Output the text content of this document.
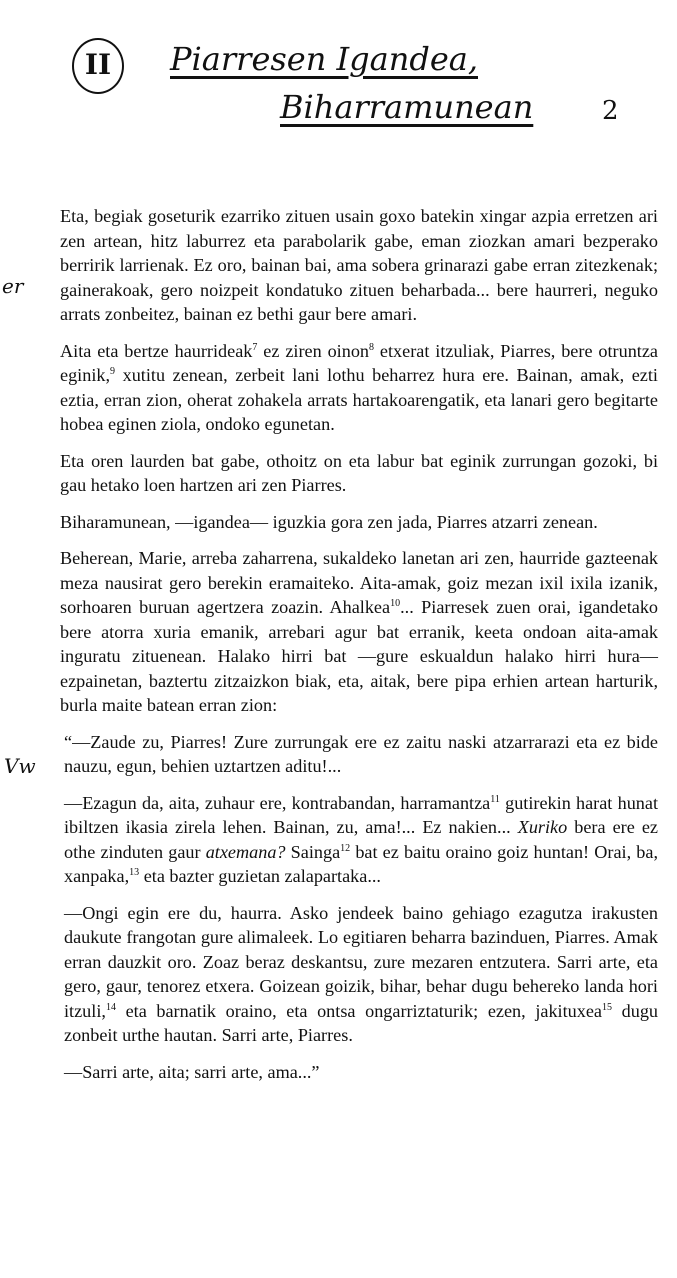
II	Piarresen Igandea,
Biharramunean	2
er
Vw

Eta, begiak goseturik ezarriko zituen usain goxo batekin xingar azpia erretzen ari zen artean, hitz laburrez eta parabolarik gabe, eman ziozkan amari bezperako berririk larrienak. Ez oro, bainan bai, ama sobera grinarazi gabe erran zitezkenak; gainerakoak, gero noizpeit kondatuko zituen beharbada... bere haurreri, neguko arrats zonbeitez, bainan ez bethi gaur bere amari.

Aita eta bertze haurrideak$^7$ ez ziren oinon$^8$ etxerat itzuliak, Piarres, bere otruntza eginik,$^9$ xutitu zenean, zerbeit lani lothu beharrez hura ere. Bainan, amak, ezti eztia, erran zion, oherat zohakela arrats hartakoarengatik, eta lanari gero begitarte hobea eginen ziola, ondoko egunetan.

Eta oren laurden bat gabe, othoitz on eta labur bat eginik zurrungan gozoki, bi gau hetako loen hartzen ari zen Piarres.

Biharamunean, —igandea— iguzkia gora zen jada, Piarres atzarri zenean.

Beherean, Marie, arreba zaharrena, sukaldeko lanetan ari zen, haurride gazteenak meza nausirat gero berekin eramaiteko. Aita-amak, goiz mezan ixil ixila izanik, sorhoaren buruan agertzera zoazin. Ahalkea$^{10}$... Piarresek zuen orai, igandetako bere atorra xuria emanik, arrebari agur bat erranik, keeta ondoan aita-amak inguratu zituenean. Halako hirri bat —gure eskualdun halako hirri hura— ezpainetan, baztertu zitzaizkon biak, eta, aitak, bere pipa erhien artean harturik, burla maite batean erran zion:

“—Zaude zu, Piarres! Zure zurrungak ere ez zaitu naski atzarrarazi eta ez bide nauzu, egun, behien uztartzen aditu!...

—Ezagun da, aita, zuhaur ere, kontrabandan, harramantza$^{11}$ gutirekin harat hunat ibiltzen ikasia zirela lehen. Bainan, zu, ama!... Ez nakien... Xuriko bera ere ez othe zinduten gaur atxemana? Sainga$^{12}$ bat ez baitu oraino goiz huntan! Orai, ba, xanpaka,$^{13}$ eta bazter guzietan zalapartaka...

—Ongi egin ere du, haurra. Asko jendeek baino gehiago ezagutza irakusten daukute frangotan gure alimaleek. Lo egitiaren beharra bazinduen, Piarres. Amak erran dauzkit oro. Zoaz beraz deskantsu, zure mezaren entzutera. Sarri arte, eta gero, gaur, tenorez etxera. Goizean goizik, bihar, behar dugu behereko landa hori itzuli,$^{14}$ eta barnatik oraino, eta ontsa ongarriztaturik; ezen, jakituxea$^{15}$ dugu zonbeit urthe hautan. Sarri arte, Piarres.

—Sarri arte, aita; sarri arte, ama...”
